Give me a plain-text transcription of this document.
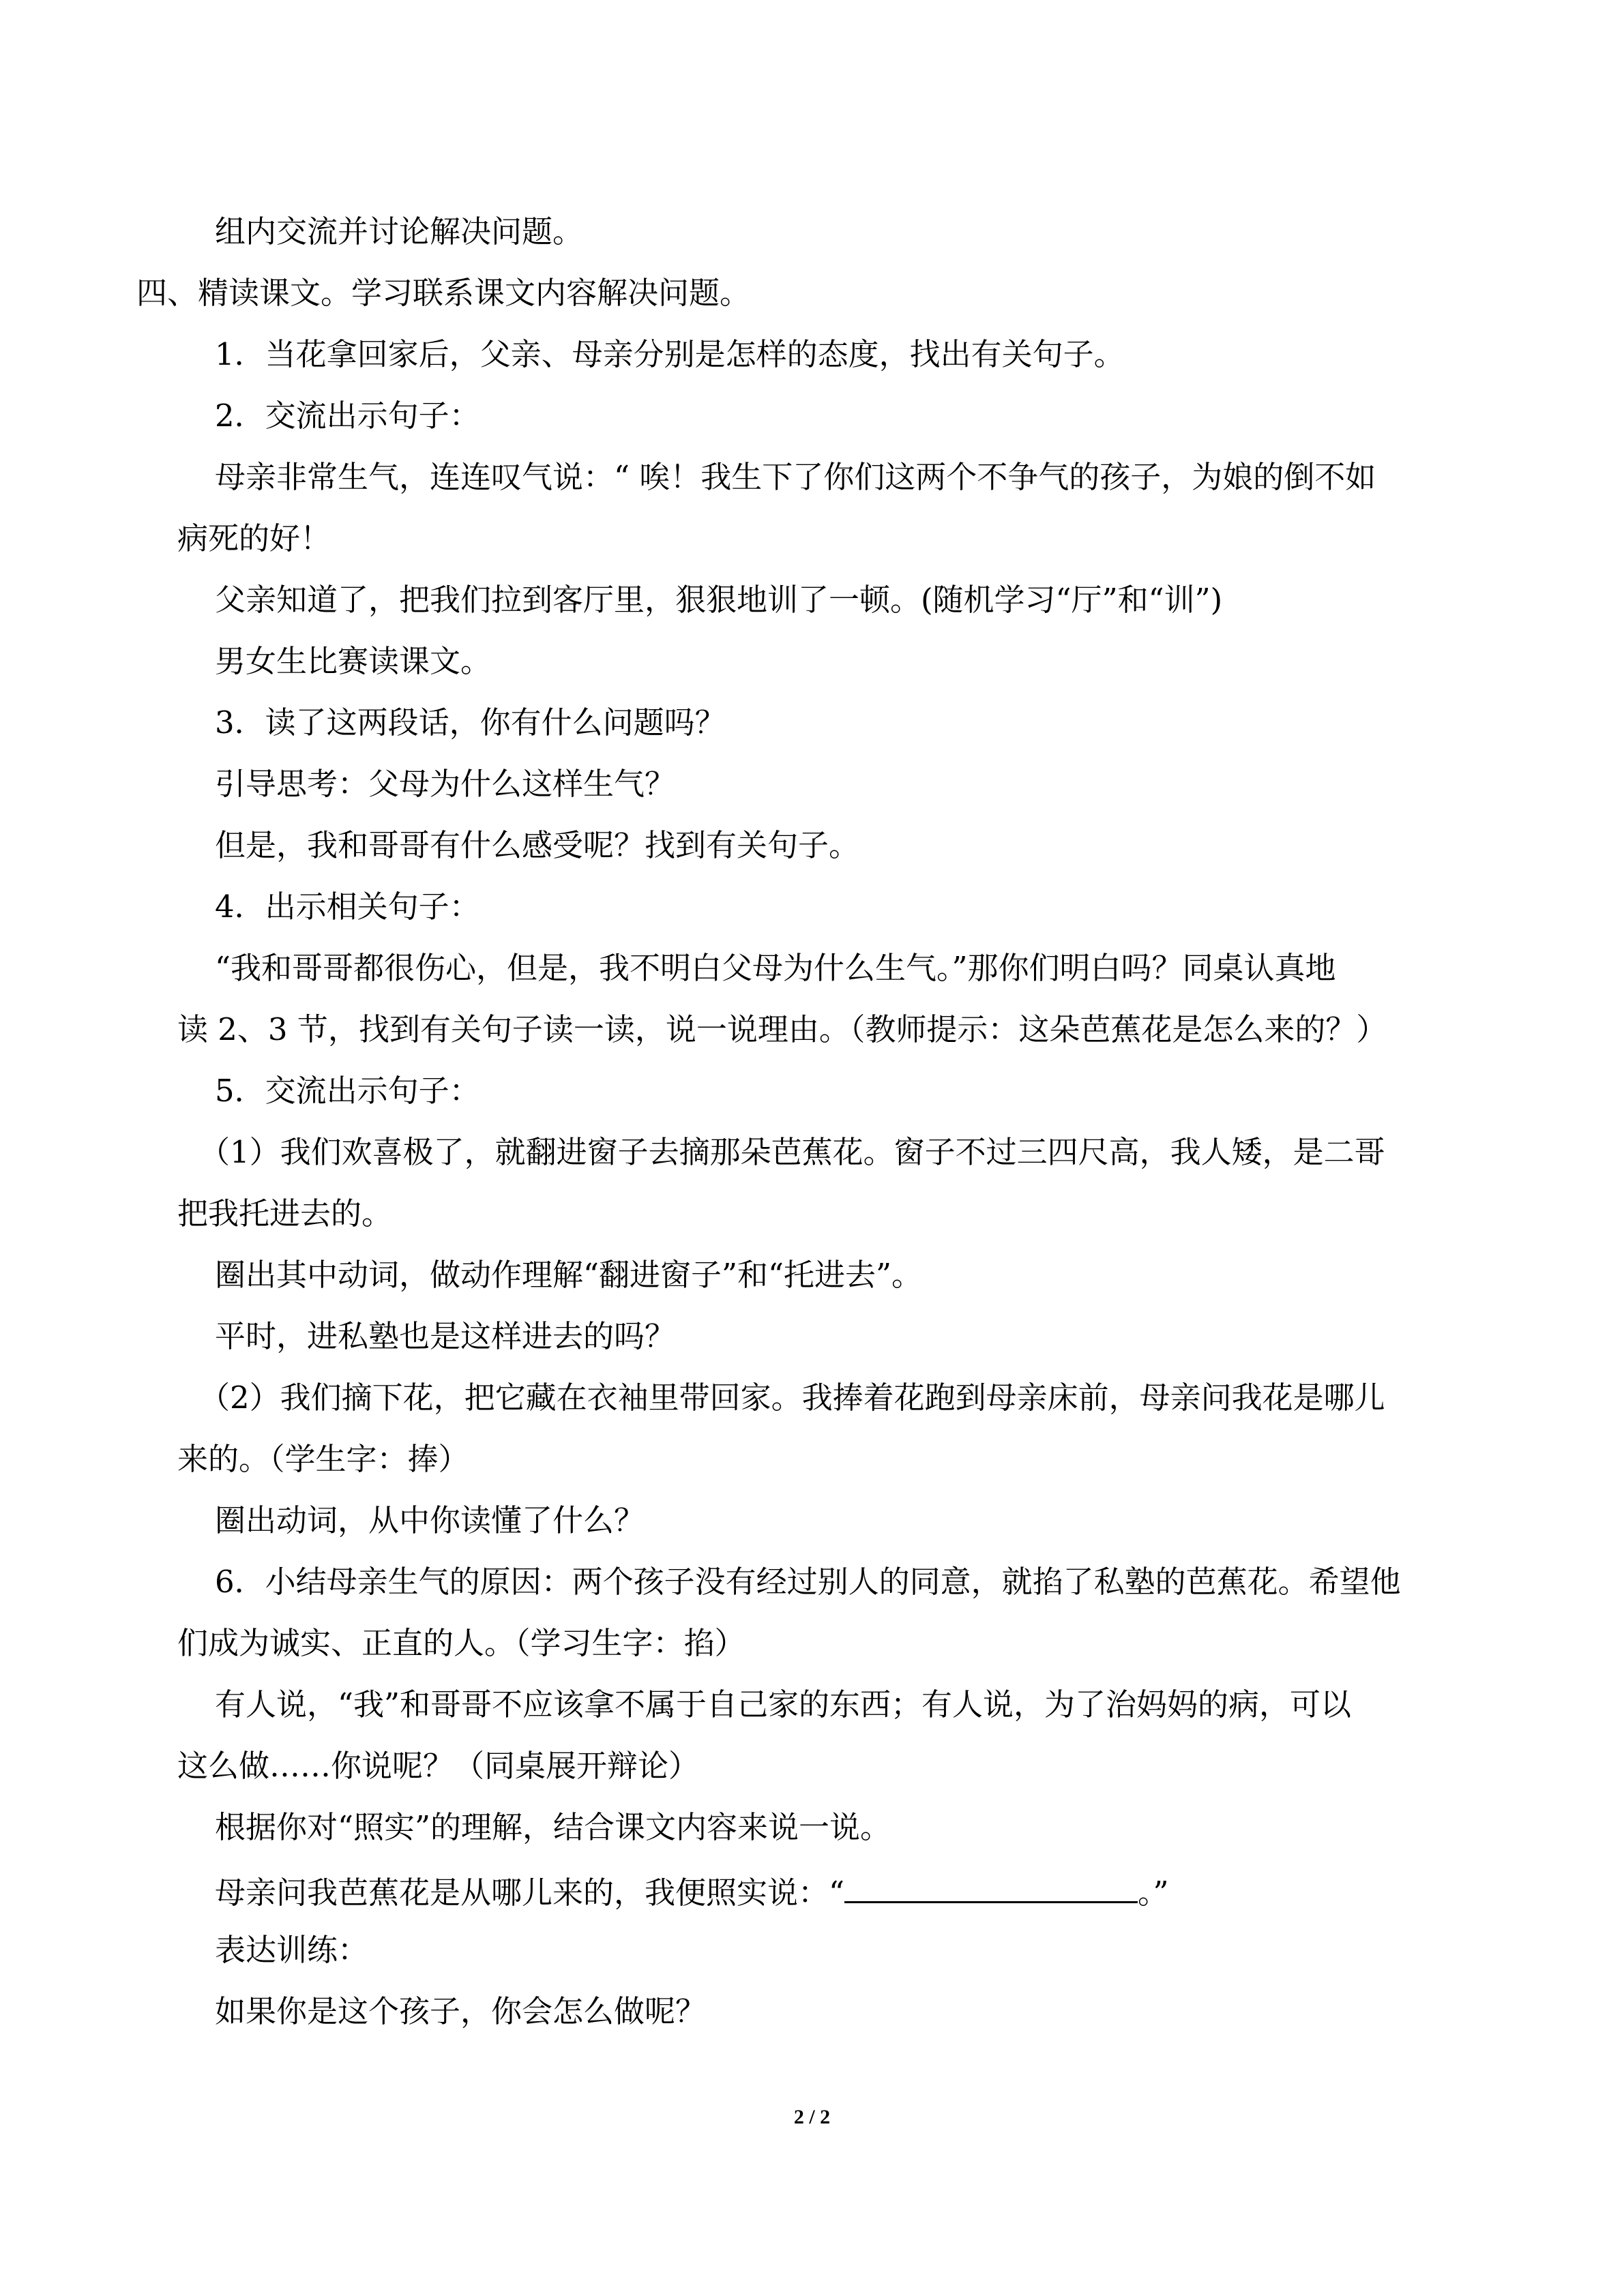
组内交流并讨论解决问题。
四、精读课文。学习联系课文内容解决问题。
1．当花拿回家后，父亲、母亲分别是怎样的态度，找出有关句子。
2．交流出示句子：
母亲非常生气，连连叹气说：“ 唉！我生下了你们这两个不争气的孩子，为娘的倒不如
病死的好！
父亲知道了，把我们拉到客厅里，狠狠地训了一顿。(随机学习“厅”和“训”)
男女生比赛读课文。
3．读了这两段话，你有什么问题吗？
引导思考：父母为什么这样生气？
但是，我和哥哥有什么感受呢？找到有关句子。
4．出示相关句子：
“我和哥哥都很伤心，但是，我不明白父母为什么生气。”那你们明白吗？同桌认真地
读 2、3 节，找到有关句子读一读，说一说理由。（教师提示：这朵芭蕉花是怎么来的？）
5．交流出示句子：
（1）我们欢喜极了，就翻进窗子去摘那朵芭蕉花。窗子不过三四尺高，我人矮，是二哥
把我托进去的。
圈出其中动词，做动作理解“翻进窗子”和“托进去”。
平时，进私塾也是这样进去的吗？
（2）我们摘下花，把它藏在衣袖里带回家。我捧着花跑到母亲床前，母亲问我花是哪儿
来的。（学生字：捧）
圈出动词，从中你读懂了什么？
6．小结母亲生气的原因：两个孩子没有经过别人的同意，就掐了私塾的芭蕉花。希望他
们成为诚实、正直的人。（学习生字：掐）
有人说，“我”和哥哥不应该拿不属于自己家的东西；有人说，为了治妈妈的病，可以
这么做……你说呢？（同桌展开辩论）
根据你对“照实”的理解，结合课文内容来说一说。
母亲问我芭蕉花是从哪儿来的，我便照实说：“	。”
表达训练：
如果你是这个孩子，你会怎么做呢？
2 / 2
